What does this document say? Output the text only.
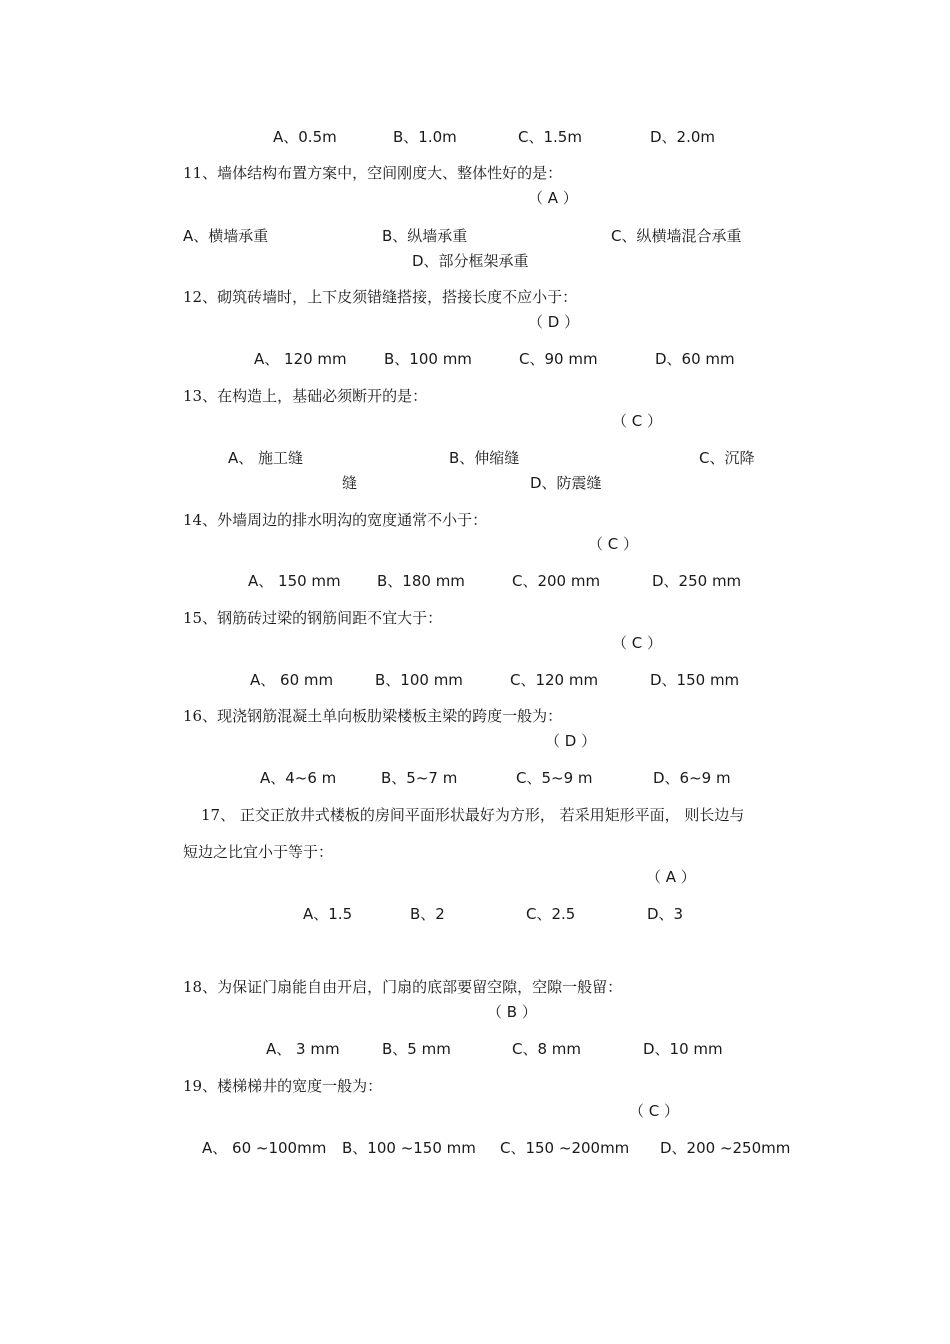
A、0.5m	B、1.0m	C、1.5m	D、2.0m
11、墙体结构布置方案中，空间刚度大、整体性好的是：
（ A ）
A、横墙承重	B、纵墙承重	C、纵横墙混合承重
D、部分框架承重
12、砌筑砖墙时，上下皮须错缝搭接，搭接长度不应小于：
（ D ）
A、 120 mm B、100 mm	C、90 mm	D、60 mm
13、在构造上，基础必须断开的是：
（ C ）
A、 施工缝	B、伸缩缝	C、沉降
缝	D、防震缝
14、外墙周边的排水明沟的宽度通常不小于：
（ C ）
A、 150 mm B、180 mm	C、200 mm	D、250 mm
15、钢筋砖过梁的钢筋间距不宜大于：
（ C ）
A、 60 mm	B、100 mm	C、120 mm	D、150 mm
16、现浇钢筋混凝土单向板肋梁楼板主梁的跨度一般为：
（ D ）
A、4~6 m	B、5~7 m	C、5~9 m	D、6~9 m
17、 正交正放井式楼板的房间平面形状最好为方形， 若采用矩形平面， 则长边与
短边之比宜小于等于：
（ A ）
A、1.5	B、2	C、2.5	D、3
18、为保证门扇能自由开启，门扇的底部要留空隙，空隙一般留：
（ B ）
A、 3 mm	B、5 mm	C、8 mm	D、10 mm
19、楼梯梯井的宽度一般为：
（ C ）
A、 60 ~100mm B、100 ~150 mm C、150 ~200mm D、200 ~250mm
